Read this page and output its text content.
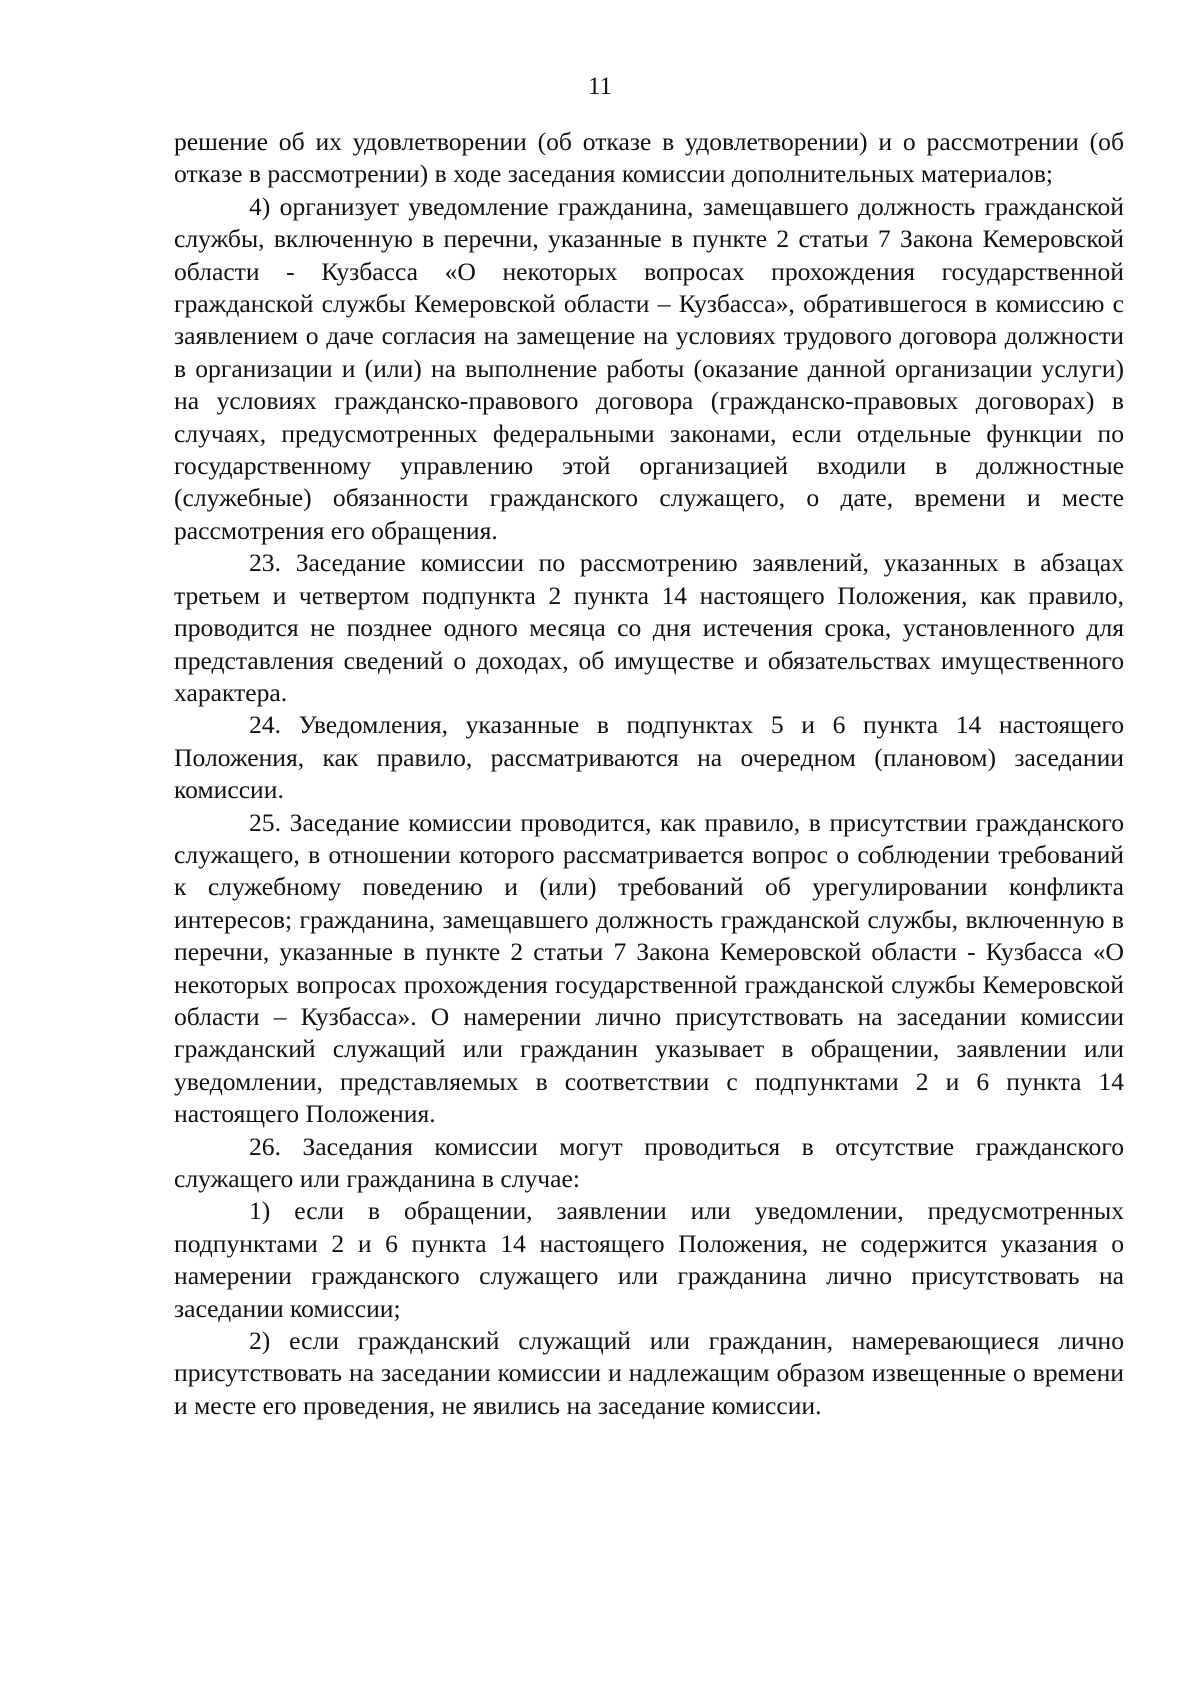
11

решение об их удовлетворении (об отказе в удовлетворении) и о рассмотрении (об отказе в рассмотрении) в ходе заседания комиссии дополнительных материалов;

4) организует уведомление гражданина, замещавшего должность гражданской службы, включенную в перечни, указанные в пункте 2 статьи 7 Закона Кемеровской области - Кузбасса «О некоторых вопросах прохождения государственной гражданской службы Кемеровской области – Кузбасса», обратившегося в комиссию с заявлением о даче согласия на замещение на условиях трудового договора должности в организации и (или) на выполнение работы (оказание данной организации услуги) на условиях гражданско-правового договора (гражданско-правовых договорах) в случаях, предусмотренных федеральными законами, если отдельные функции по государственному управлению этой организацией входили в должностные (служебные) обязанности гражданского служащего, о дате, времени и месте рассмотрения его обращения.

23. Заседание комиссии по рассмотрению заявлений, указанных в абзацах третьем и четвертом подпункта 2 пункта 14 настоящего Положения, как правило, проводится не позднее одного месяца со дня истечения срока, установленного для представления сведений о доходах, об имуществе и обязательствах имущественного характера.

24. Уведомления, указанные в подпунктах 5 и 6 пункта 14 настоящего Положения, как правило, рассматриваются на очередном (плановом) заседании комиссии.

25. Заседание комиссии проводится, как правило, в присутствии гражданского служащего, в отношении которого рассматривается вопрос о соблюдении требований к служебному поведению и (или) требований об урегулировании конфликта интересов; гражданина, замещавшего должность гражданской службы, включенную в перечни, указанные в пункте 2 статьи 7 Закона Кемеровской области - Кузбасса «О некоторых вопросах прохождения государственной гражданской службы Кемеровской области – Кузбасса». О намерении лично присутствовать на заседании комиссии гражданский служащий или гражданин указывает в обращении, заявлении или уведомлении, представляемых в соответствии с подпунктами 2 и 6 пункта 14 настоящего Положения.

26. Заседания комиссии могут проводиться в отсутствие гражданского служащего или гражданина в случае:

1) если в обращении, заявлении или уведомлении, предусмотренных подпунктами 2 и 6 пункта 14 настоящего Положения, не содержится указания о намерении гражданского служащего или гражданина лично присутствовать на заседании комиссии;

2) если гражданский служащий или гражданин, намеревающиеся лично присутствовать на заседании комиссии и надлежащим образом извещенные о времени и месте его проведения, не явились на заседание комиссии.
